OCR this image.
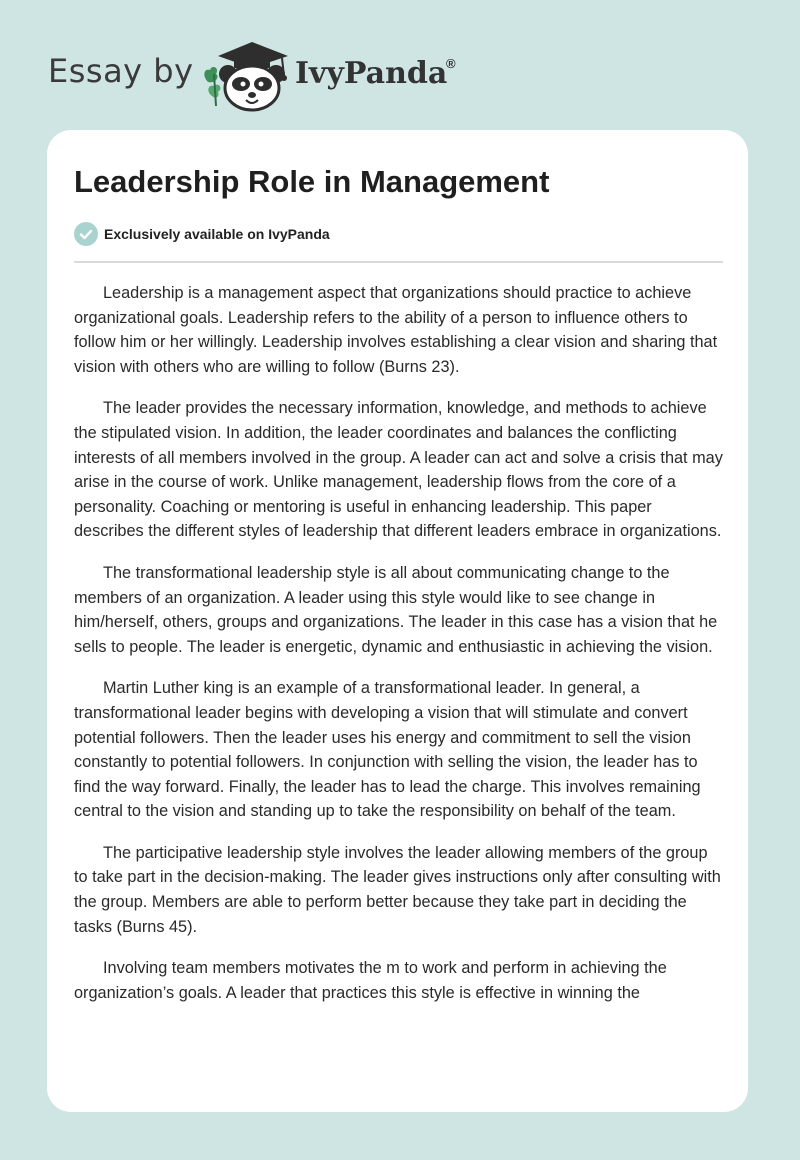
Essay by	IvyPanda
®
Leadership Role in Management
Exclusively available on IvyPanda

Leadership is a management aspect that organizations should practice to achieve organizational goals. Leadership refers to the ability of a person to influence others to follow him or her willingly. Leadership involves establishing a clear vision and sharing that vision with others who are willing to follow (Burns 23).

The leader provides the necessary information, knowledge, and methods to achieve the stipulated vision. In addition, the leader coordinates and balances the conflicting interests of all members involved in the group. A leader can act and solve a crisis that may arise in the course of work. Unlike management, leadership flows from the core of a personality. Coaching or mentoring is useful in enhancing leadership. This paper describes the different styles of leadership that different leaders embrace in organizations.

The transformational leadership style is all about communicating change to the members of an organization. A leader using this style would like to see change in him/herself, others, groups and organizations. The leader in this case has a vision that he sells to people. The leader is energetic, dynamic and enthusiastic in achieving the vision.

Martin Luther king is an example of a transformational leader. In general, a transformational leader begins with developing a vision that will stimulate and convert potential followers. Then the leader uses his energy and commitment to sell the vision constantly to potential followers. In conjunction with selling the vision, the leader has to find the way forward. Finally, the leader has to lead the charge. This involves remaining central to the vision and standing up to take the responsibility on behalf of the team.

The participative leadership style involves the leader allowing members of the group to take part in the decision-making. The leader gives instructions only after consulting with the group. Members are able to perform better because they take part in deciding the tasks (Burns 45).

Involving team members motivates the m to work and perform in achieving the organization’s goals. A leader that practices this style is effective in winning the
